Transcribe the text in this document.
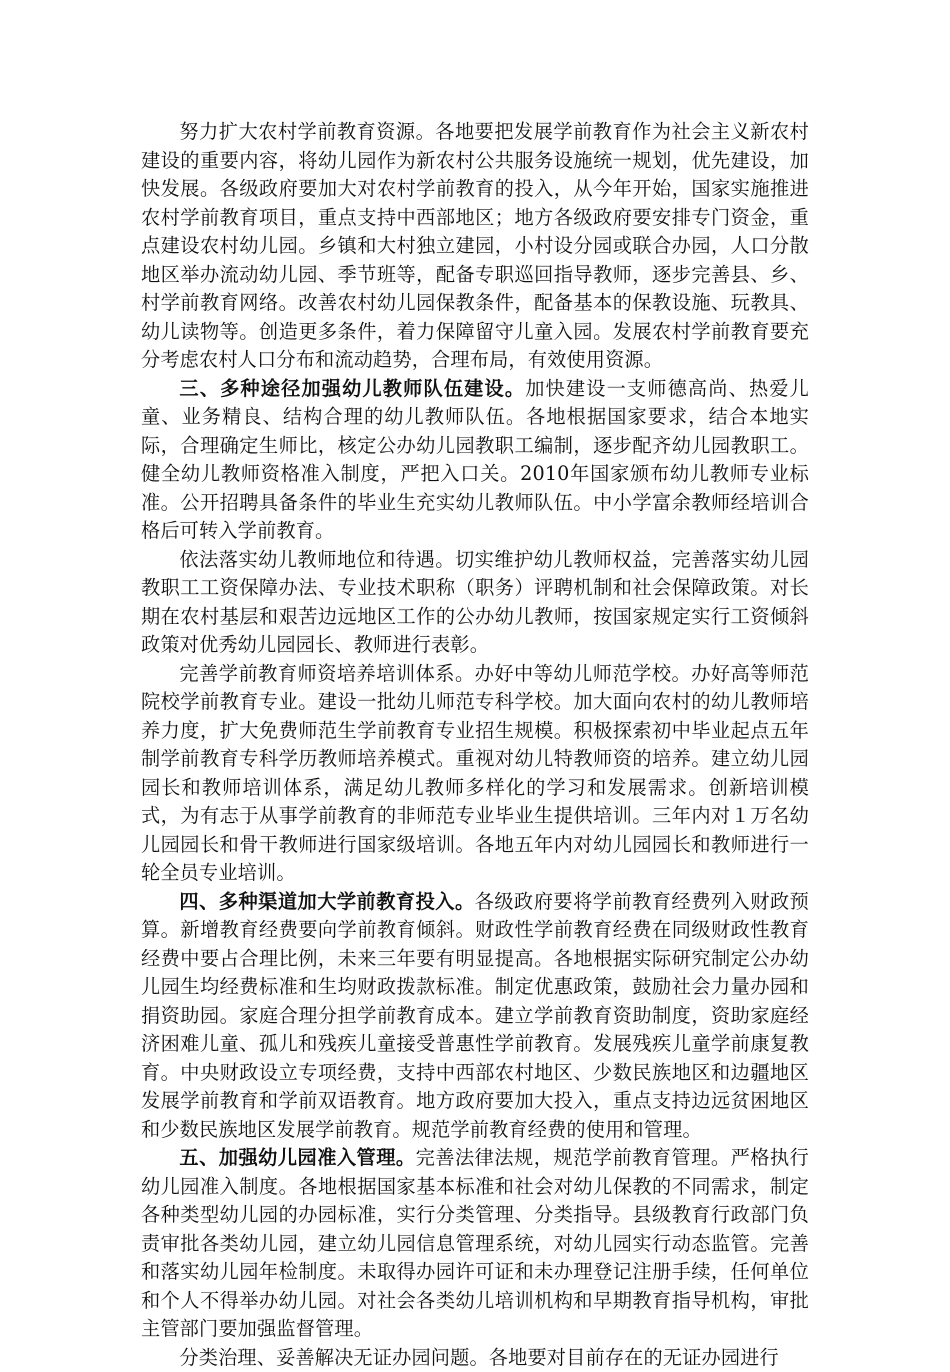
努力扩大农村学前教育资源。各地要把发展学前教育作为社会主义新农村建设的重要内容，将幼儿园作为新农村公共服务设施统一规划，优先建设，加快发展。各级政府要加大对农村学前教育的投入，从今年开始，国家实施推进农村学前教育项目，重点支持中西部地区；地方各级政府要安排专门资金，重点建设农村幼儿园。乡镇和大村独立建园，小村设分园或联合办园，人口分散地区举办流动幼儿园、季节班等，配备专职巡回指导教师，逐步完善县、乡、村学前教育网络。改善农村幼儿园保教条件，配备基本的保教设施、玩教具、幼儿读物等。创造更多条件，着力保障留守儿童入园。发展农村学前教育要充分考虑农村人口分布和流动趋势，合理布局，有效使用资源。

三、多种途径加强幼儿教师队伍建设。加快建设一支师德高尚、热爱儿童、业务精良、结构合理的幼儿教师队伍。各地根据国家要求，结合本地实际，合理确定生师比，核定公办幼儿园教职工编制，逐步配齐幼儿园教职工。健全幼儿教师资格准入制度，严把入口关。2010年国家颁布幼儿教师专业标准。公开招聘具备条件的毕业生充实幼儿教师队伍。中小学富余教师经培训合格后可转入学前教育。

依法落实幼儿教师地位和待遇。切实维护幼儿教师权益，完善落实幼儿园教职工工资保障办法、专业技术职称（职务）评聘机制和社会保障政策。对长期在农村基层和艰苦边远地区工作的公办幼儿教师，按国家规定实行工资倾斜政策对优秀幼儿园园长、教师进行表彰。

完善学前教育师资培养培训体系。办好中等幼儿师范学校。办好高等师范院校学前教育专业。建设一批幼儿师范专科学校。加大面向农村的幼儿教师培养力度，扩大免费师范生学前教育专业招生规模。积极探索初中毕业起点五年制学前教育专科学历教师培养模式。重视对幼儿特教师资的培养。建立幼儿园园长和教师培训体系，满足幼儿教师多样化的学习和发展需求。创新培训模式，为有志于从事学前教育的非师范专业毕业生提供培训。三年内对１万名幼儿园园长和骨干教师进行国家级培训。各地五年内对幼儿园园长和教师进行一轮全员专业培训。

四、多种渠道加大学前教育投入。各级政府要将学前教育经费列入财政预算。新增教育经费要向学前教育倾斜。财政性学前教育经费在同级财政性教育经费中要占合理比例，未来三年要有明显提高。各地根据实际研究制定公办幼儿园生均经费标准和生均财政拨款标准。制定优惠政策，鼓励社会力量办园和捐资助园。家庭合理分担学前教育成本。建立学前教育资助制度，资助家庭经济困难儿童、孤儿和残疾儿童接受普惠性学前教育。发展残疾儿童学前康复教育。中央财政设立专项经费，支持中西部农村地区、少数民族地区和边疆地区发展学前教育和学前双语教育。地方政府要加大投入，重点支持边远贫困地区和少数民族地区发展学前教育。规范学前教育经费的使用和管理。

五、加强幼儿园准入管理。完善法律法规，规范学前教育管理。严格执行幼儿园准入制度。各地根据国家基本标准和社会对幼儿保教的不同需求，制定各种类型幼儿园的办园标准，实行分类管理、分类指导。县级教育行政部门负责审批各类幼儿园，建立幼儿园信息管理系统，对幼儿园实行动态监管。完善和落实幼儿园年检制度。未取得办园许可证和未办理登记注册手续，任何单位和个人不得举办幼儿园。对社会各类幼儿培训机构和早期教育指导机构，审批主管部门要加强监督管理。

分类治理、妥善解决无证办园问题。各地要对目前存在的无证办园进行
